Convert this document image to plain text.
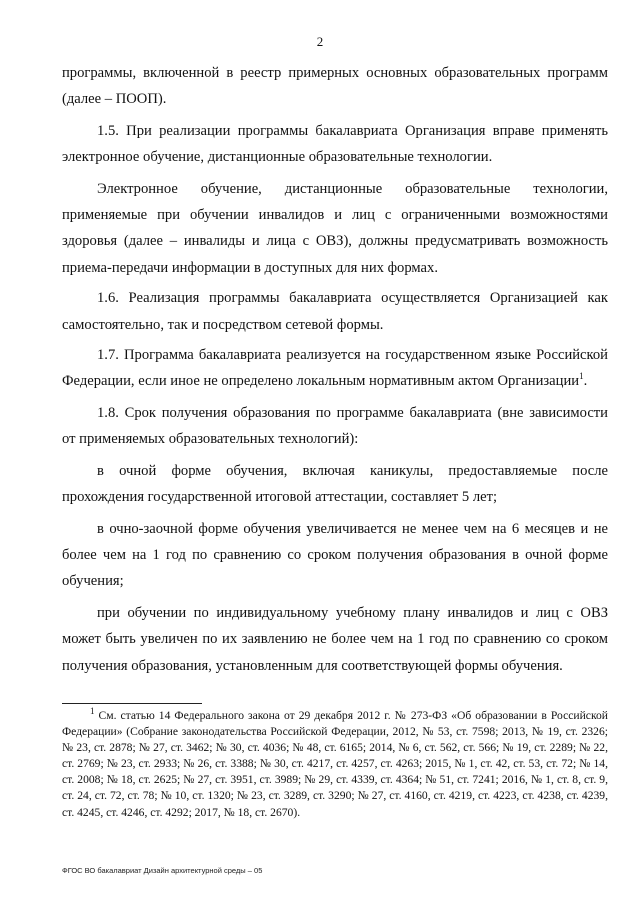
2

программы, включенной в реестр примерных основных образовательных программ (далее – ПООП).

1.5. При реализации программы бакалавриата Организация вправе применять электронное обучение, дистанционные образовательные технологии.

Электронное обучение, дистанционные образовательные технологии, применяемые при обучении инвалидов и лиц с ограниченными возможностями здоровья (далее – инвалиды и лица с ОВЗ), должны предусматривать возможность приема-передачи информации в доступных для них формах.

1.6. Реализация программы бакалавриата осуществляется Организацией как самостоятельно, так и посредством сетевой формы.

1.7. Программа бакалавриата реализуется на государственном языке Российской Федерации, если иное не определено локальным нормативным актом Организации$^1$.

1.8. Срок получения образования по программе бакалавриата (вне зависимости от применяемых образовательных технологий):

в очной форме обучения, включая каникулы, предоставляемые после прохождения государственной итоговой аттестации, составляет 5 лет;

в очно-заочной форме обучения увеличивается не менее чем на 6 месяцев и не более чем на 1 год по сравнению со сроком получения образования в очной форме обучения;

при обучении по индивидуальному учебному плану инвалидов и лиц с ОВЗ может быть увеличен по их заявлению не более чем на 1 год по сравнению со сроком получения образования, установленным для соответствующей формы обучения.

$^1$ См. статью 14 Федерального закона от 29 декабря 2012 г. № 273-ФЗ «Об образовании в Российской Федерации» (Собрание законодательства Российской Федерации, 2012, № 53, ст. 7598; 2013, № 19, ст. 2326; № 23, ст. 2878; № 27, ст. 3462; № 30, ст. 4036; № 48, ст. 6165; 2014, № 6, ст. 562, ст. 566; № 19, ст. 2289; № 22, ст. 2769; № 23, ст. 2933; № 26, ст. 3388; № 30, ст. 4217, ст. 4257, ст. 4263; 2015, № 1, ст. 42, ст. 53, ст. 72; № 14, ст. 2008; № 18, ст. 2625; № 27, ст. 3951, ст. 3989; № 29, ст. 4339, ст. 4364; № 51, ст. 7241; 2016, № 1, ст. 8, ст. 9, ст. 24, ст. 72, ст. 78; № 10, ст. 1320; № 23, ст. 3289, ст. 3290; № 27, ст. 4160, ст. 4219, ст. 4223, ст. 4238, ст. 4239, ст. 4245, ст. 4246, ст. 4292; 2017, № 18, ст. 2670).

ФГОС ВО бакалавриат Дизайн архитектурной среды – 05
